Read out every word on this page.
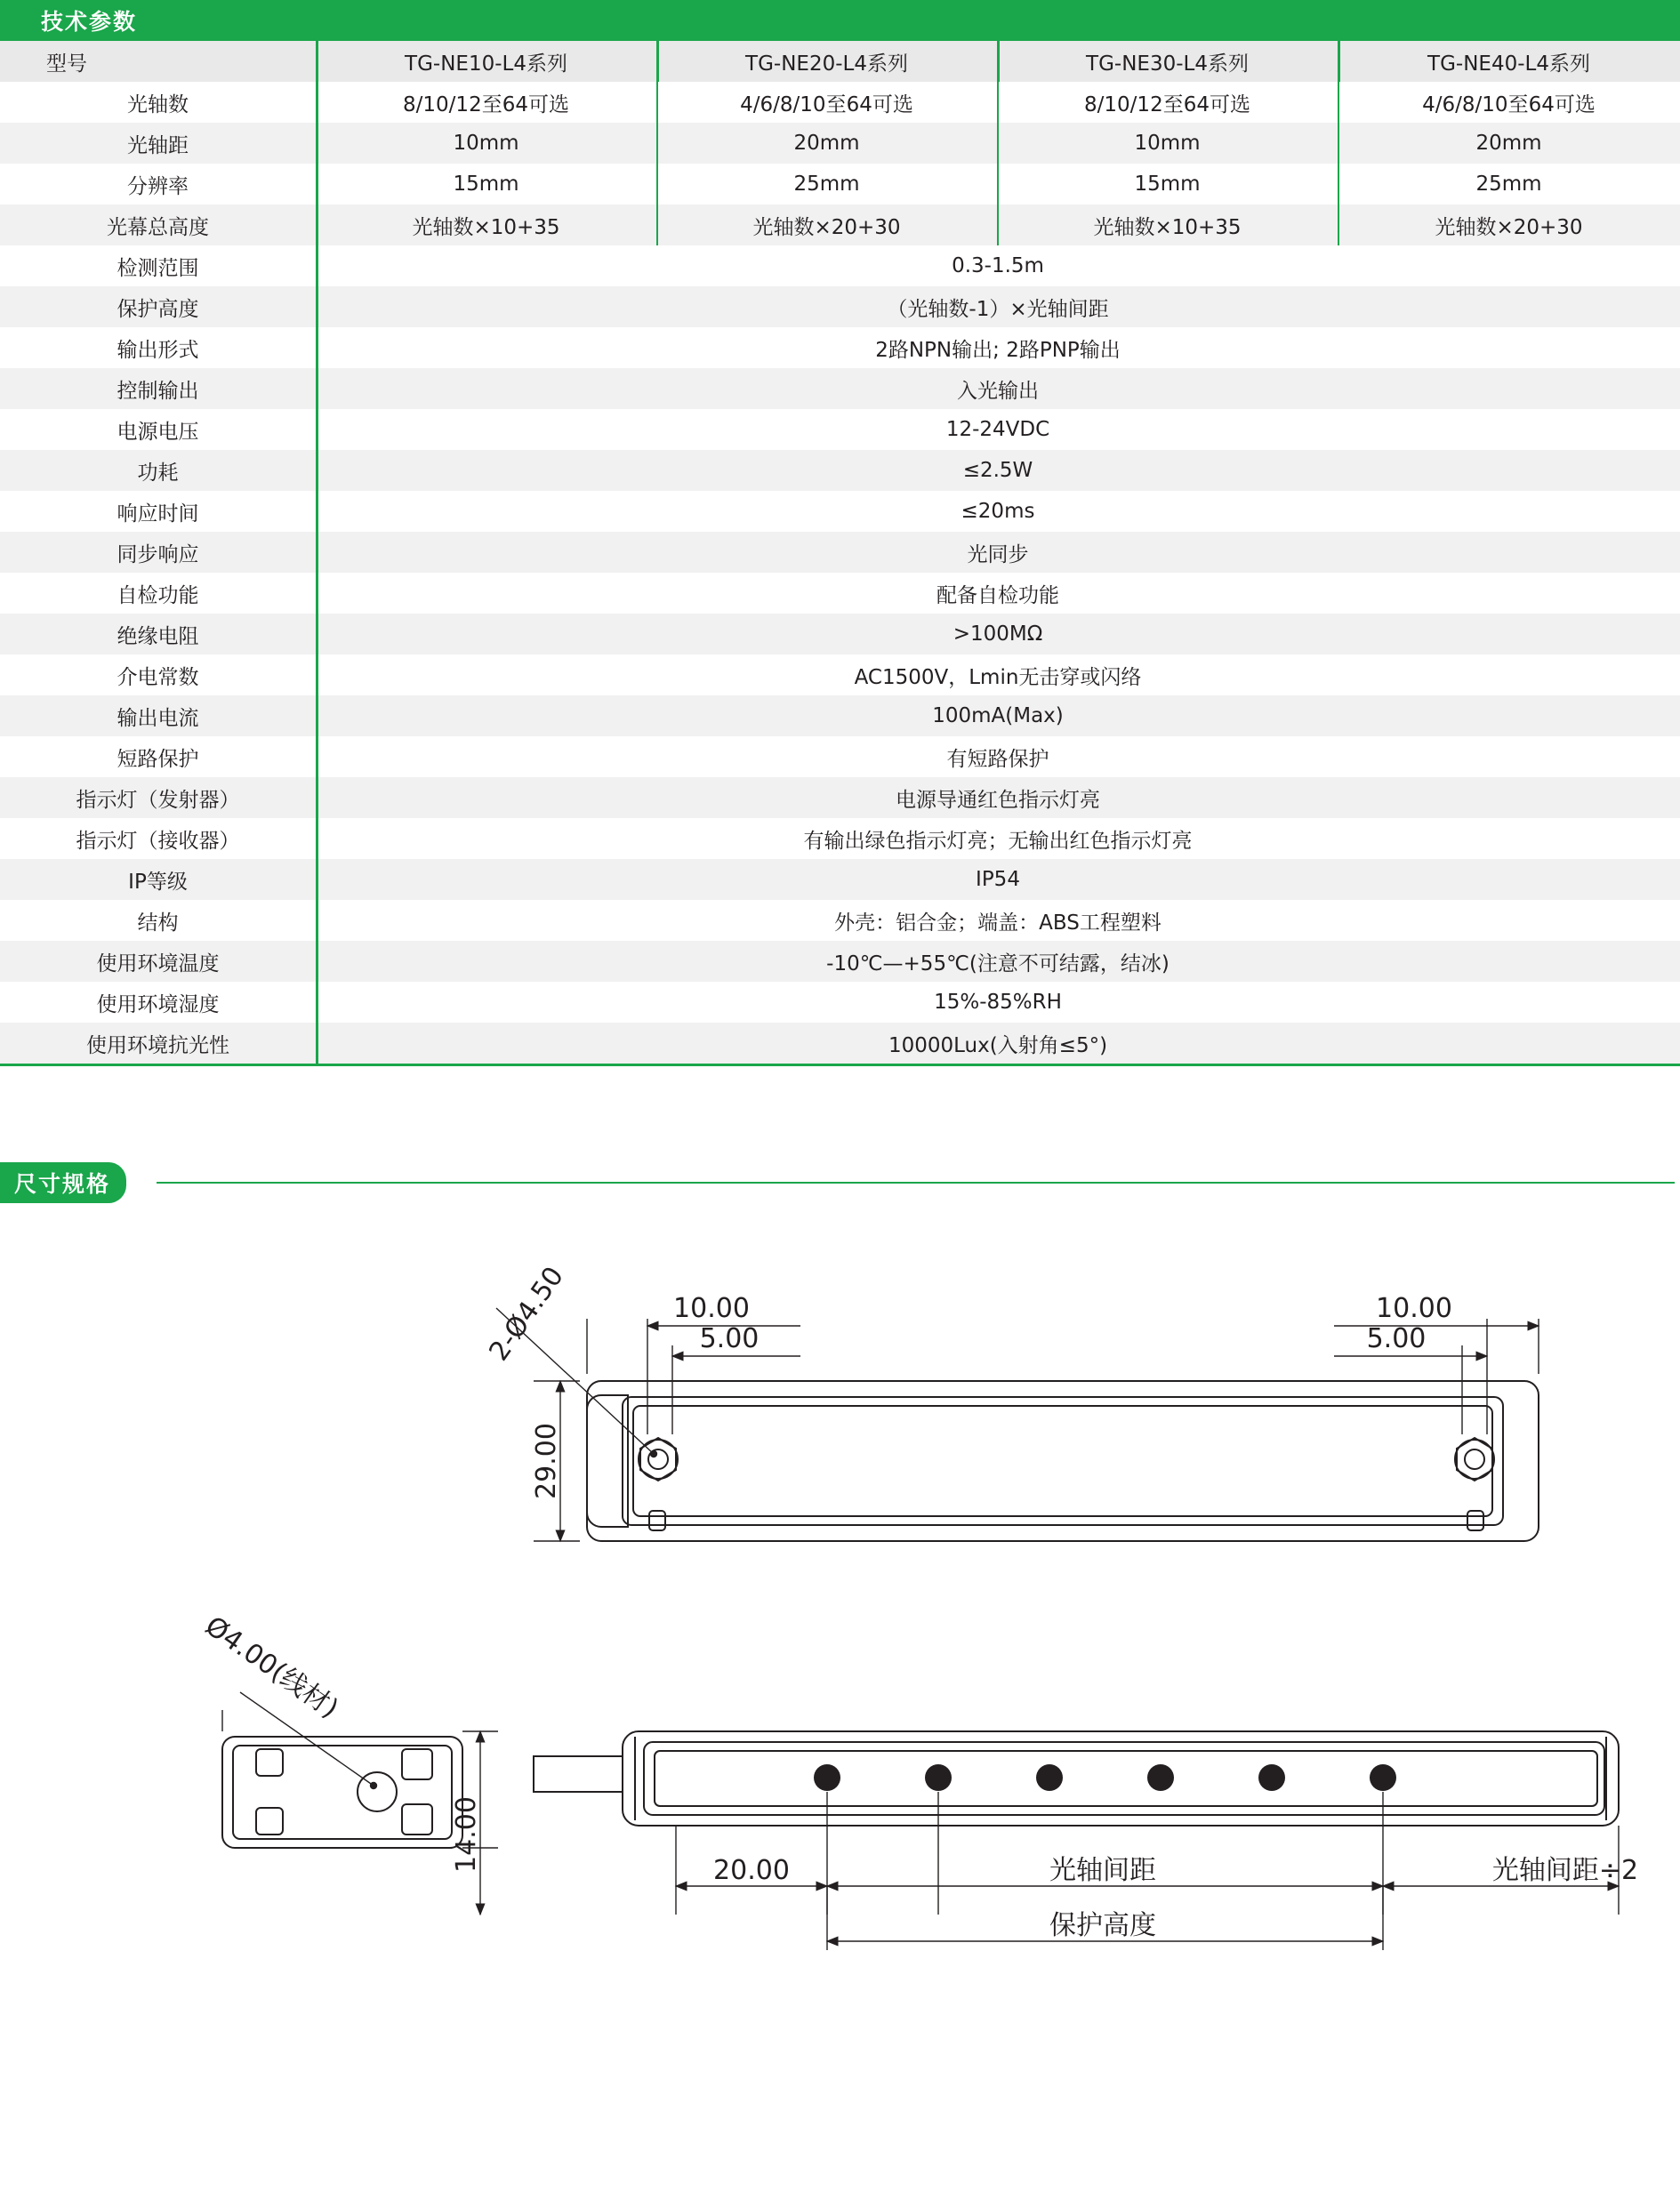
技术参数
型号	TG-NE10-L4系列	TG-NE20-L4系列	TG-NE30-L4系列	TG-NE40-L4系列
光轴数	8/10/12至64可选	4/6/8/10至64可选	8/10/12至64可选	4/6/8/10至64可选
光轴距	10mm	20mm	10mm	20mm
分辨率	15mm	25mm	15mm	25mm
光幕总高度	光轴数×10+35	光轴数×20+30	光轴数×10+35	光轴数×20+30
检测范围	0.3-1.5m			
保护高度	（光轴数-1）×光轴间距			
输出形式	2路NPN输出; 2路PNP输出			
控制输出	入光输出			
电源电压	12-24VDC			
功耗	≤2.5W			
响应时间	≤20ms			
同步响应	光同步			
自检功能	配备自检功能			
绝缘电阻	>100MΩ			
介电常数	AC1500V，Lmin无击穿或闪络			
输出电流	100mA(Max)			
短路保护	有短路保护			
指示灯（发射器）	电源导通红色指示灯亮			
指示灯（接收器）	有输出绿色指示灯亮；无输出红色指示灯亮			
IP等级	IP54			
结构	外壳：铝合金；端盖：ABS工程塑料			
使用环境温度	-10℃—+55℃(注意不可结露，结冰)			
使用环境湿度	15%-85%RH			
使用环境抗光性	10000Lux(入射角≤5°)			
尺寸规格
10.00
5.00
10.00
5.00
29.00
2-Ø4.50
Ø4.00(线材)
14.00	20.00	光轴间距	光轴间距÷2
保护高度
